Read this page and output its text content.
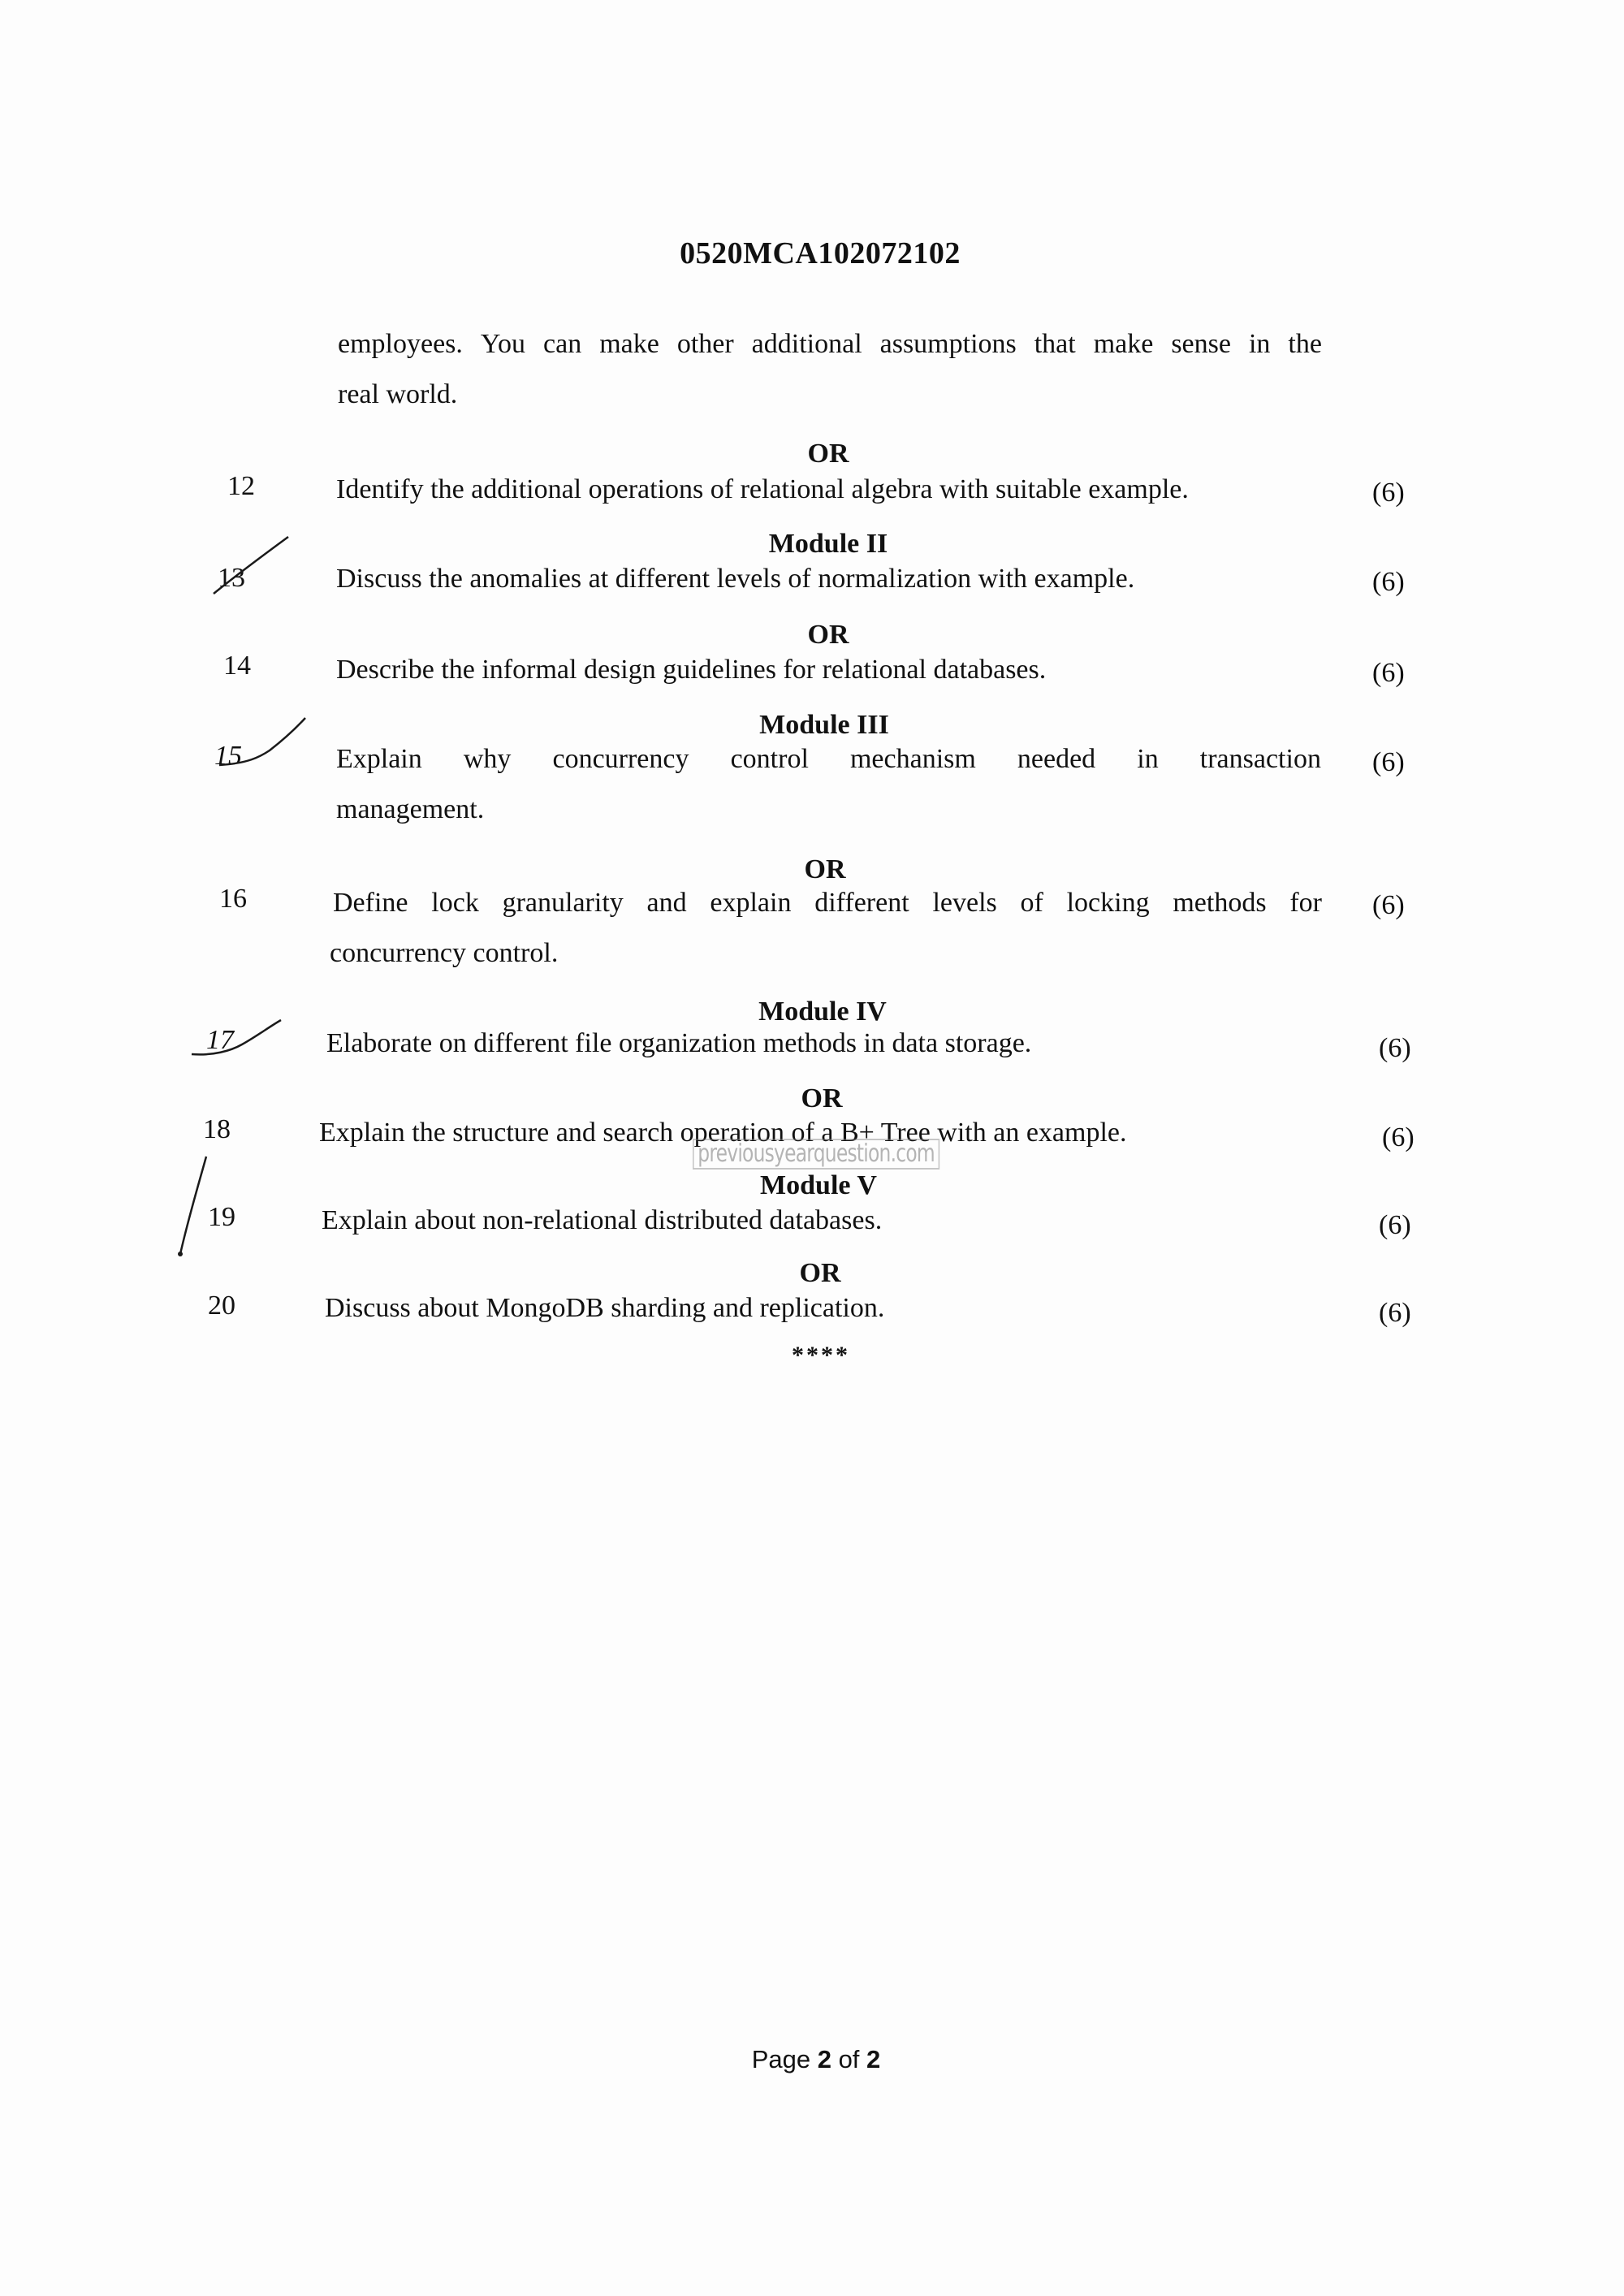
0520MCA102072102
employees. You can make other additional assumptions that make sense in the
real world.
OR
12	Identify the additional operations of relational algebra with suitable example.	(6)
Module II
13	Discuss the anomalies at different levels of normalization with example.	(6)
OR
14	Describe the informal design guidelines for relational databases.	(6)
Module III
15	Explain why concurrency control mechanism needed in transaction
management.
(6)
OR
16	Define lock granularity and explain different levels of locking methods for
concurrency control.
(6)
Module IV
17	Elaborate on different file organization methods in data storage.	(6)
OR
18	Explain the structure and search operation of a B+ Tree with an example.	(6)
previousyearquestion.com
Module V
19	Explain about non-relational distributed databases.	(6)
OR
20	Discuss about MongoDB sharding and replication.	(6)
****
Page 2 of 2
